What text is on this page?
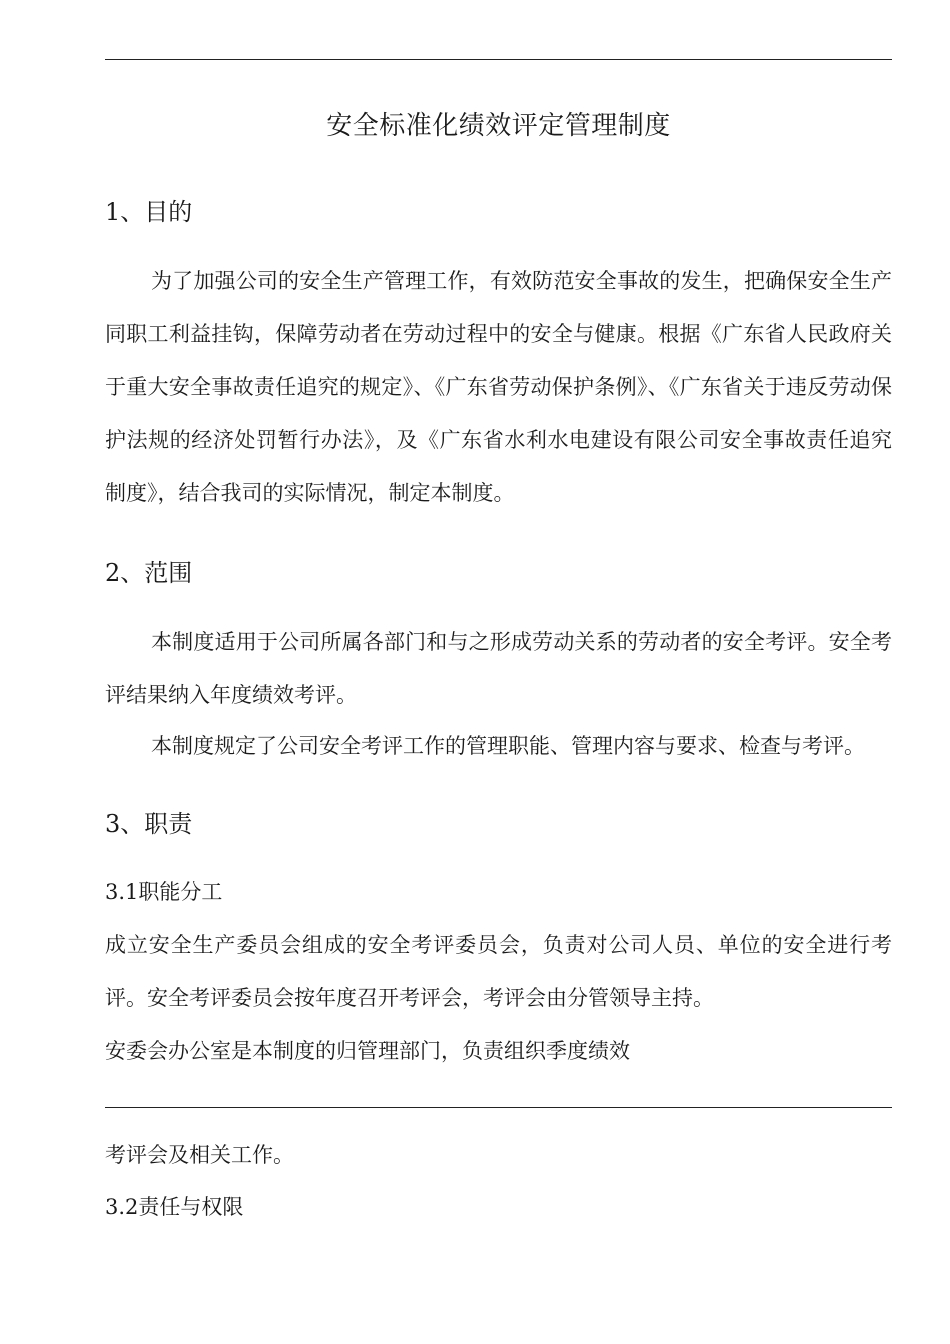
安全标准化绩效评定管理制度
1、目的

为了加强公司的安全生产管理工作，有效防范安全事故的发生，把确保安全生产同职工利益挂钩，保障劳动者在劳动过程中的安全与健康。根据《广东省人民政府关于重大安全事故责任追究的规定》、《广东省劳动保护条例》、《广东省关于违反劳动保护法规的经济处罚暂行办法》，及《广东省水利水电建设有限公司安全事故责任追究制度》，结合我司的实际情况，制定本制度。

2、范围

本制度适用于公司所属各部门和与之形成劳动关系的劳动者的安全考评。安全考评结果纳入年度绩效考评。

本制度规定了公司安全考评工作的管理职能、管理内容与要求、检查与考评。

3、职责

3.1职能分工

成立安全生产委员会组成的安全考评委员会，负责对公司人员、单位的安全进行考评。安全考评委员会按年度召开考评会，考评会由分管领导主持。

安委会办公室是本制度的归管理部门，负责组织季度绩效

考评会及相关工作。

3.2责任与权限
